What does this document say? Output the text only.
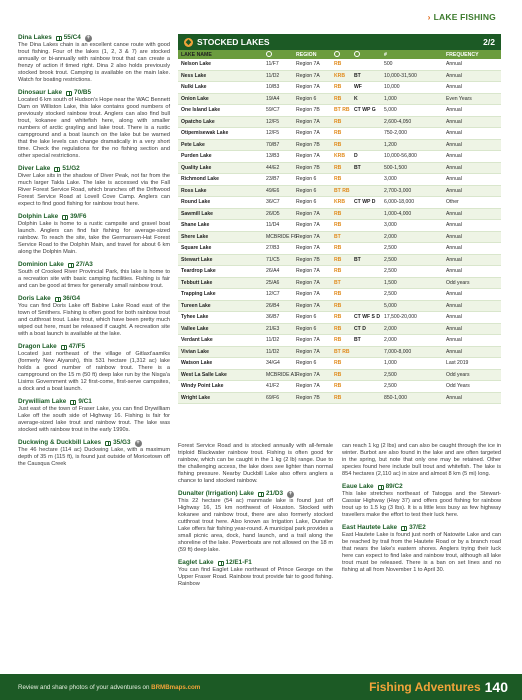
› LAKE FISHING
Dina Lakes 55/C4 +
The Dina Lakes chain is an excellent canoe route with good trout fishing. Four of the lakes (1, 2, 3 & 7) are stocked annually or bi-annually with rainbow trout that can create a frenzy of action if timed right. Dina 2 also holds previously stocked brook trout. Camping is available on the main lake. Watch for boating restrictions.
Dinosaur Lake 70/B5
Located 6 km south of Hudson's Hope near the WAC Bennett Dam on Williston Lake, this lake contains good numbers of previously stocked rainbow trout. Anglers can also find bull trout, kokanee and whitefish here, along with smaller numbers of arctic grayling and lake trout. There is a rustic campground and a boat launch on the lake but be warned that the lake levels can change dramatically in a very short time. Check the regulations for the no fishing section and other special restrictions.
Diver Lake 51/G2
Diver Lake sits in the shadow of Diver Peak, not far from the much larger Takla Lake. The lake is accessed via the Fall River Forest Service Road, which branches off the Driftwood Forest Service Road at Lovell Cove Camp. Anglers can expect to find good fishing for rainbow trout here.
Dolphin Lake 39/F6
Dolphin Lake is home to a rustic campsite and gravel boat launch. Anglers can find fair fishing for average-sized rainbow. To reach the site, take the Germansen-Hat Forest Service Road to the Dolphin Main, and travel for about 6 km along the Dolphin Main.
Dominion Lake 27/A3
South of Crooked River Provincial Park, this lake is home to a recreation site with basic camping facilities. Fishing is fair and can be good at times for generally small rainbow trout.
Doris Lake 36/G4
You can find Doris Lake off Babine Lake Road east of the town of Smithers. Fishing is often good for both rainbow trout and cutthroat trout. Lake trout, which have been pretty much wiped out here, must be released if caught. A recreation site with a boat launch is available at the lake.
Dragon Lake 47/F5
Located just northeast of the village of Gitlaxt'aamiks (formerly New Aiyansh), this 531 hectare (1,312 ac) lake holds a good number of rainbow trout. There is a campground on the 15 m (50 ft) deep lake run by the Nisga'a Lisims Government with 12 first-come, first-serve campsites, a dock and a boat launch.
Drywilliam Lake 9/C1
Just east of the town of Fraser Lake, you can find Drywilliam Lake off the south side of Highway 16. Fishing is fair for average-sized lake trout and rainbow trout. The lake was stocked with rainbow trout in the early 1990s.
Duckwing & Duckbill Lakes 35/G3 +
The 46 hectare (114 ac) Duckwing Lake, with a maximum depth of 35 m (115 ft), is found just outside of Moricetown off the Causqua Creek
◆ STOCKED LAKES	2/2
LAKE NAME	REGION	#	FREQUENCY
Nelson Lake	11/F7	Region 7A	RB	500	Annual
Ness Lake	11/D2	Region 7A	KRB	BT	10,000-31,500	Annual
Nulki Lake	10/B3	Region 7A	RB	WF	10,000	Annual
Onion Lake	19/A4	Region 6	RB	K	1,000	Even Years
One Island Lake	59/C7	Region 7B	BT RB CT WP G	5,000	Annual
Opatcho Lake	12/F5	Region 7A	RB	2,600-4,050	Annual
Otipemisewak Lake	12/F5	Region 7A	RB	750-2,000	Annual
Pete Lake	70/B7	Region 7B	RB	1,200	Annual
Purden Lake	13/B3	Region 7A	KRB	D	10,000-56,800	Annual
Quality Lake	44/E2	Region 7B	RB	BT	500-1,500	Annual
Richmond Lake	23/B7	Region 6	RB	3,000	Annual
Ross Lake	49/E6	Region 6	BT RB	2,700-3,000	Annual
Round Lake	36/C7	Region 6	KRB	CT WP D	6,000-18,000	Other
Sawmill Lake	26/D5	Region 7A	RB	1,000-4,000	Annual
Shane Lake	11/D4	Region 7A	RB	3,000	Annual
Shere Lake	MCBRIDE F6 Region 7A	BT	2,000	Annual
Square Lake	27/B3	Region 7A	RB	2,500	Annual
Stewart Lake	71/C5	Region 7B	RB	BT	2,500	Annual
Teardrop Lake	26/A4	Region 7A	RB	2,500	Annual
Tebbutt Lake	25/A6	Region 7A	BT	1,500	Odd years
Trapping Lake	12/C7	Region 7A	RB	2,500	Annual
Tureen Lake	26/B4	Region 7A	RB	5,000	Annual
Tyhee Lake	36/B7	Region 6	RB	CT WF S D 17,500-20,000	Annual
Vallee Lake	21/E3	Region 6	RB	CT D	2,000	Annual
Verdant Lake	11/D2	Region 7A	RB	BT	2,000	Annual
Vivian Lake	11/D2	Region 7A	BT RB	7,000-8,000	Annual
Watson Lake	34/G4	Region 6	RB	1,000	Last 2019
West La Salle Lake	MCBRIDE A1 Region 7A	RB	2,500	Odd years
Windy Point Lake	41/F2	Region 7A	RB	2,500	Odd Years
Wright Lake	69/F6	Region 7B	RB	850-1,000	Annual
Forest Service Road and is stocked annually with all-female triploid Blackwater rainbow trout. Fishing is often good for rainbow, which can be caught in the 1 kg (2 lb) range. Due to the challenging access, the lake does see lighter than normal fishing pressure. Nearby Duckbill Lake also offers anglers a chance to land stocked rainbow.
Dunalter (Irrigation) Lake 21/D3 +
This 22 hectare (54 ac) manmade lake is found just off Highway 16, 15 km northwest of Houston. Stocked with kokanee and rainbow trout, there are also formerly stocked cutthroat trout here. Also known as Irrigation Lake, Dunalter Lake offers fair fishing year-round. A municipal park provides a small picnic area, dock, hand launch, and a trail along the shoreline of the lake. Powerboats are not allowed on the 18 m (59 ft) deep lake.
Eaglet Lake 12/E1-F1
You can find Eaglet Lake northeast of Prince George on the Upper Fraser Road. Rainbow trout provide fair to good fishing. Rainbow
can reach 1 kg (2 lbs) and can also be caught through the ice in winter. Burbot are also found in the lake and are often targeted in the spring, but note that only one may be retained. Other species found here include bull trout and whitefish. The lake is 854 hectares (2,110 ac) in size and almost 8 km (5 mi) long.
Eaue Lake 89/C2
This lake stretches northeast of Tatogga and the Stewart-Cassiar Highway (Hwy 37) and offers good fishing for rainbow trout up to 1.5 kg (3 lbs). It is a little less busy as few highway travellers make the effort to test their luck here.
East Hautete Lake 37/E2
East Hautete Lake is found just north of Natowite Lake and can be reached by trail from the Hautete Road or by a branch road that nears the lake's eastern shores. Anglers trying their luck here can expect to find lake and rainbow trout, although all lake trout must be released. There is a ban on set lines and no fishing at all from November 1 to April 30.
Review and share photos of your adventures on BRMBmaps.com	Fishing Adventures 140
